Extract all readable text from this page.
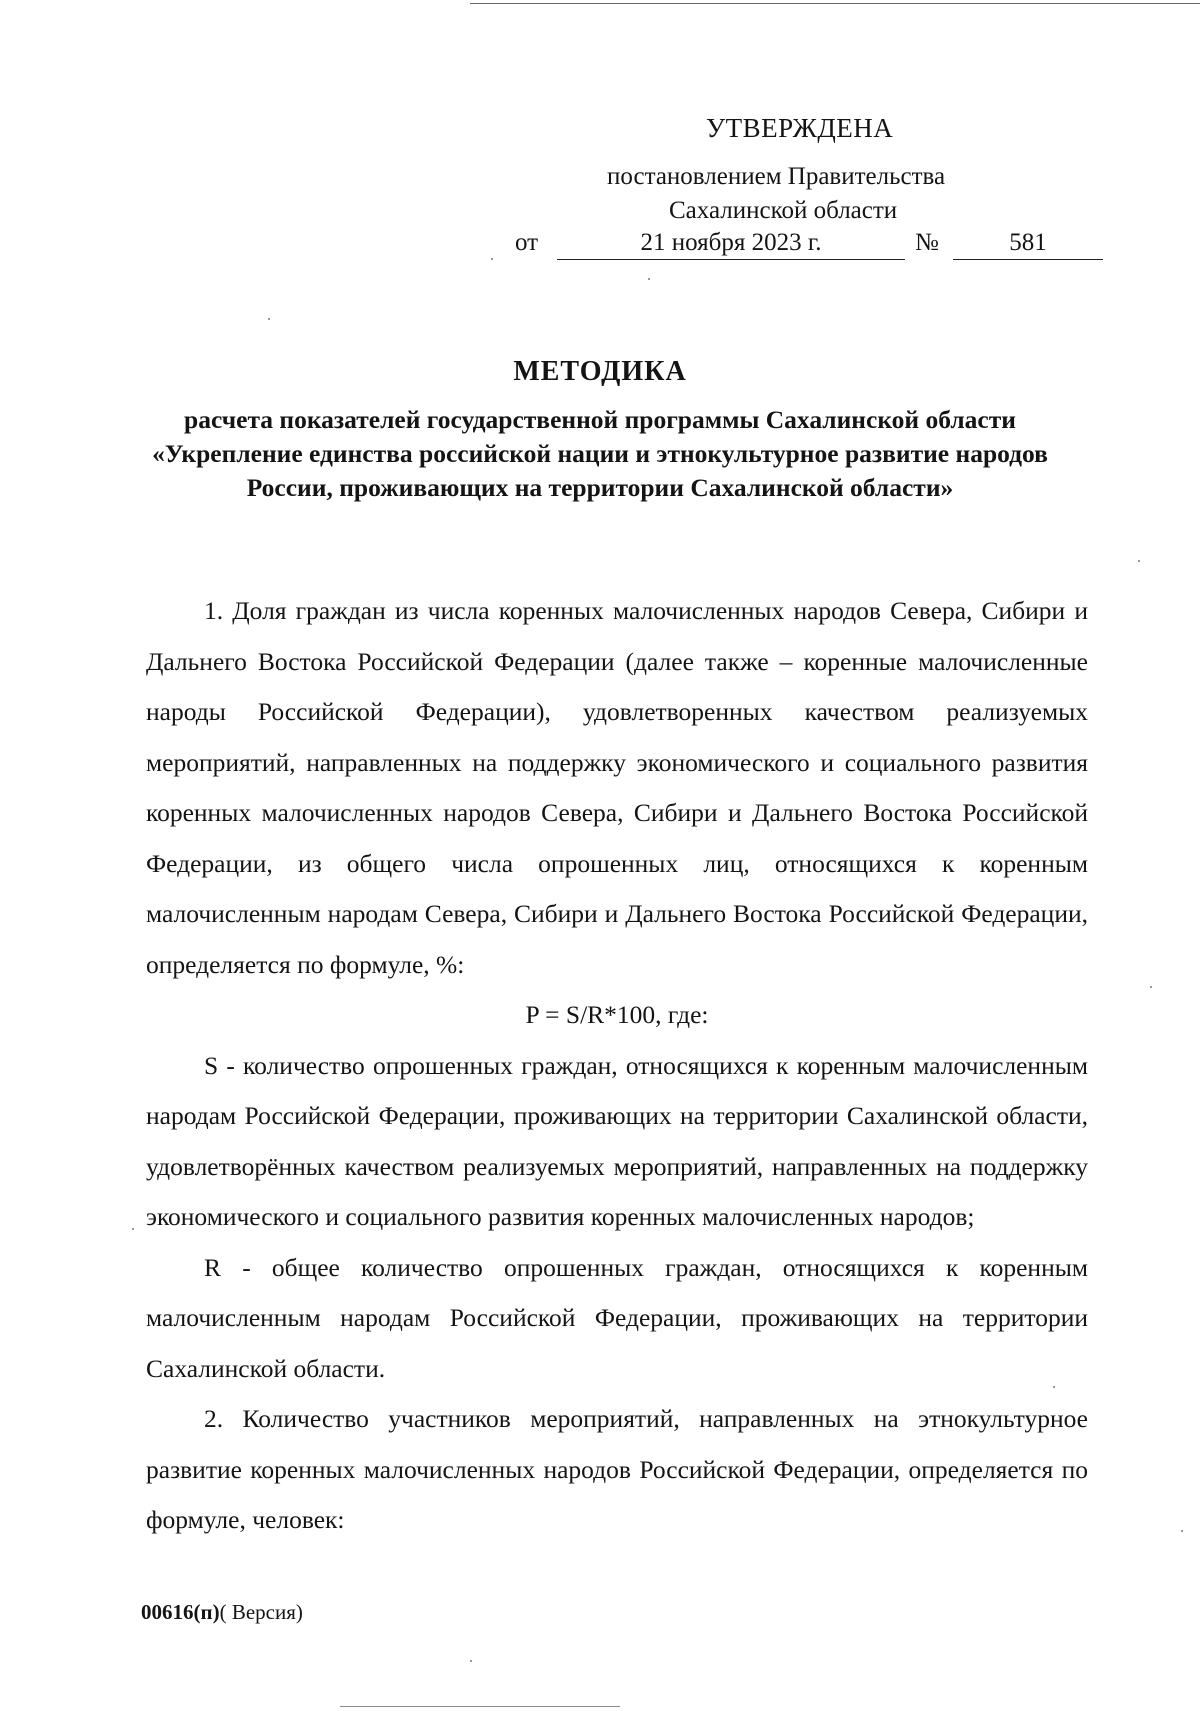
УТВЕРЖДЕНА
постановлением Правительства
Сахалинской области
от	21 ноября 2023 г.	№	581
МЕТОДИКА
расчета показателей государственной программы Сахалинской области «Укрепление единства российской нации и этнокультурное развитие народов России, проживающих на территории Сахалинской области»

1. Доля граждан из числа коренных малочисленных народов Севера, Сибири и Дальнего Востока Российской Федерации (далее также – коренные малочисленные народы Российской Федерации), удовлетворенных качеством реализуемых мероприятий, направленных на поддержку экономического и социального развития коренных малочисленных народов Севера, Сибири и Дальнего Востока Российской Федерации, из общего числа опрошенных лиц, относящихся к коренным малочисленным народам Севера, Сибири и Дальнего Востока Российской Федерации, определяется по формуле, %:

P = S/R*100, где:

S - количество опрошенных граждан, относящихся к коренным малочисленным народам Российской Федерации, проживающих на территории Сахалинской области, удовлетворённых качеством реализуемых мероприятий, направленных на поддержку экономического и социального развития коренных малочисленных народов;

R - общее количество опрошенных граждан, относящихся к коренным малочисленным народам Российской Федерации, проживающих на территории Сахалинской области.

2. Количество участников мероприятий, направленных на этнокультурное развитие коренных малочисленных народов Российской Федерации, определяется по формуле, человек:

00616(п)( Версия)
